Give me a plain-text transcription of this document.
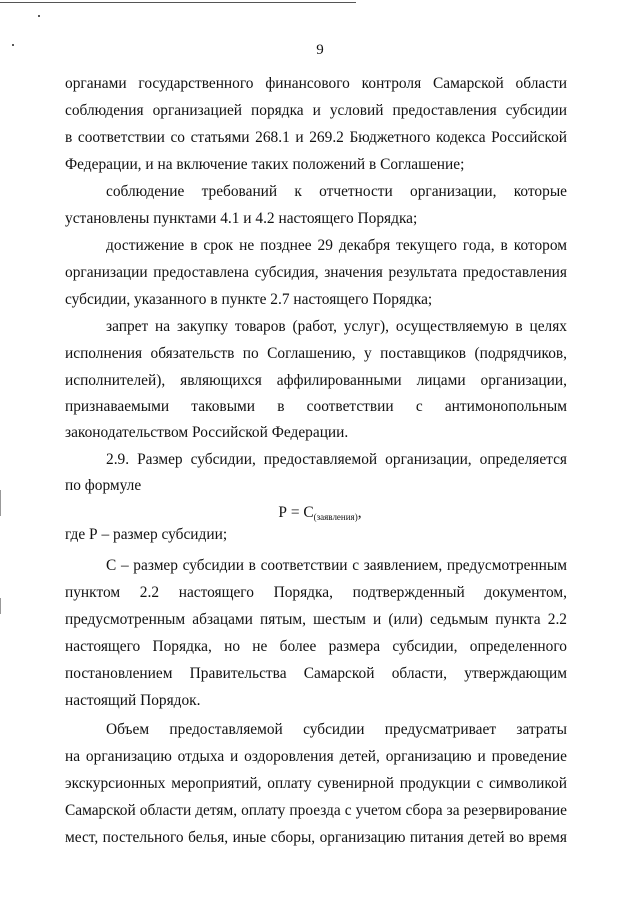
9
органами государственного финансового контроля Самарской области
соблюдения организацией порядка и условий предоставления субсидии
в соответствии со статьями 268.1 и 269.2 Бюджетного кодекса Российской
Федерации, и на включение таких положений в Соглашение;
соблюдение требований к отчетности организации, которые
установлены пунктами 4.1 и 4.2 настоящего Порядка;
достижение в срок не позднее 29 декабря текущего года, в котором
организации предоставлена субсидия, значения результата предоставления
субсидии, указанного в пункте 2.7 настоящего Порядка;
запрет на закупку товаров (работ, услуг), осуществляемую в целях
исполнения обязательств по Соглашению, у поставщиков (подрядчиков,
исполнителей), являющихся аффилированными лицами организации,
признаваемыми таковыми в соответствии с антимонопольным
законодательством Российской Федерации.
2.9. Размер субсидии, предоставляемой организации, определяется
по формуле
$Р = С_{(заявления)}$,
где Р – размер субсидии;
С – размер субсидии в соответствии с заявлением, предусмотренным
пунктом 2.2 настоящего Порядка, подтвержденный документом,
предусмотренным абзацами пятым, шестым и (или) седьмым пункта 2.2
настоящего Порядка, но не более размера субсидии, определенного
постановлением Правительства Самарской области, утверждающим
настоящий Порядок.
Объем предоставляемой субсидии предусматривает затраты
на организацию отдыха и оздоровления детей, организацию и проведение
экскурсионных мероприятий, оплату сувенирной продукции с символикой
Самарской области детям, оплату проезда с учетом сбора за резервирование
мест, постельного белья, иные сборы, организацию питания детей во время
